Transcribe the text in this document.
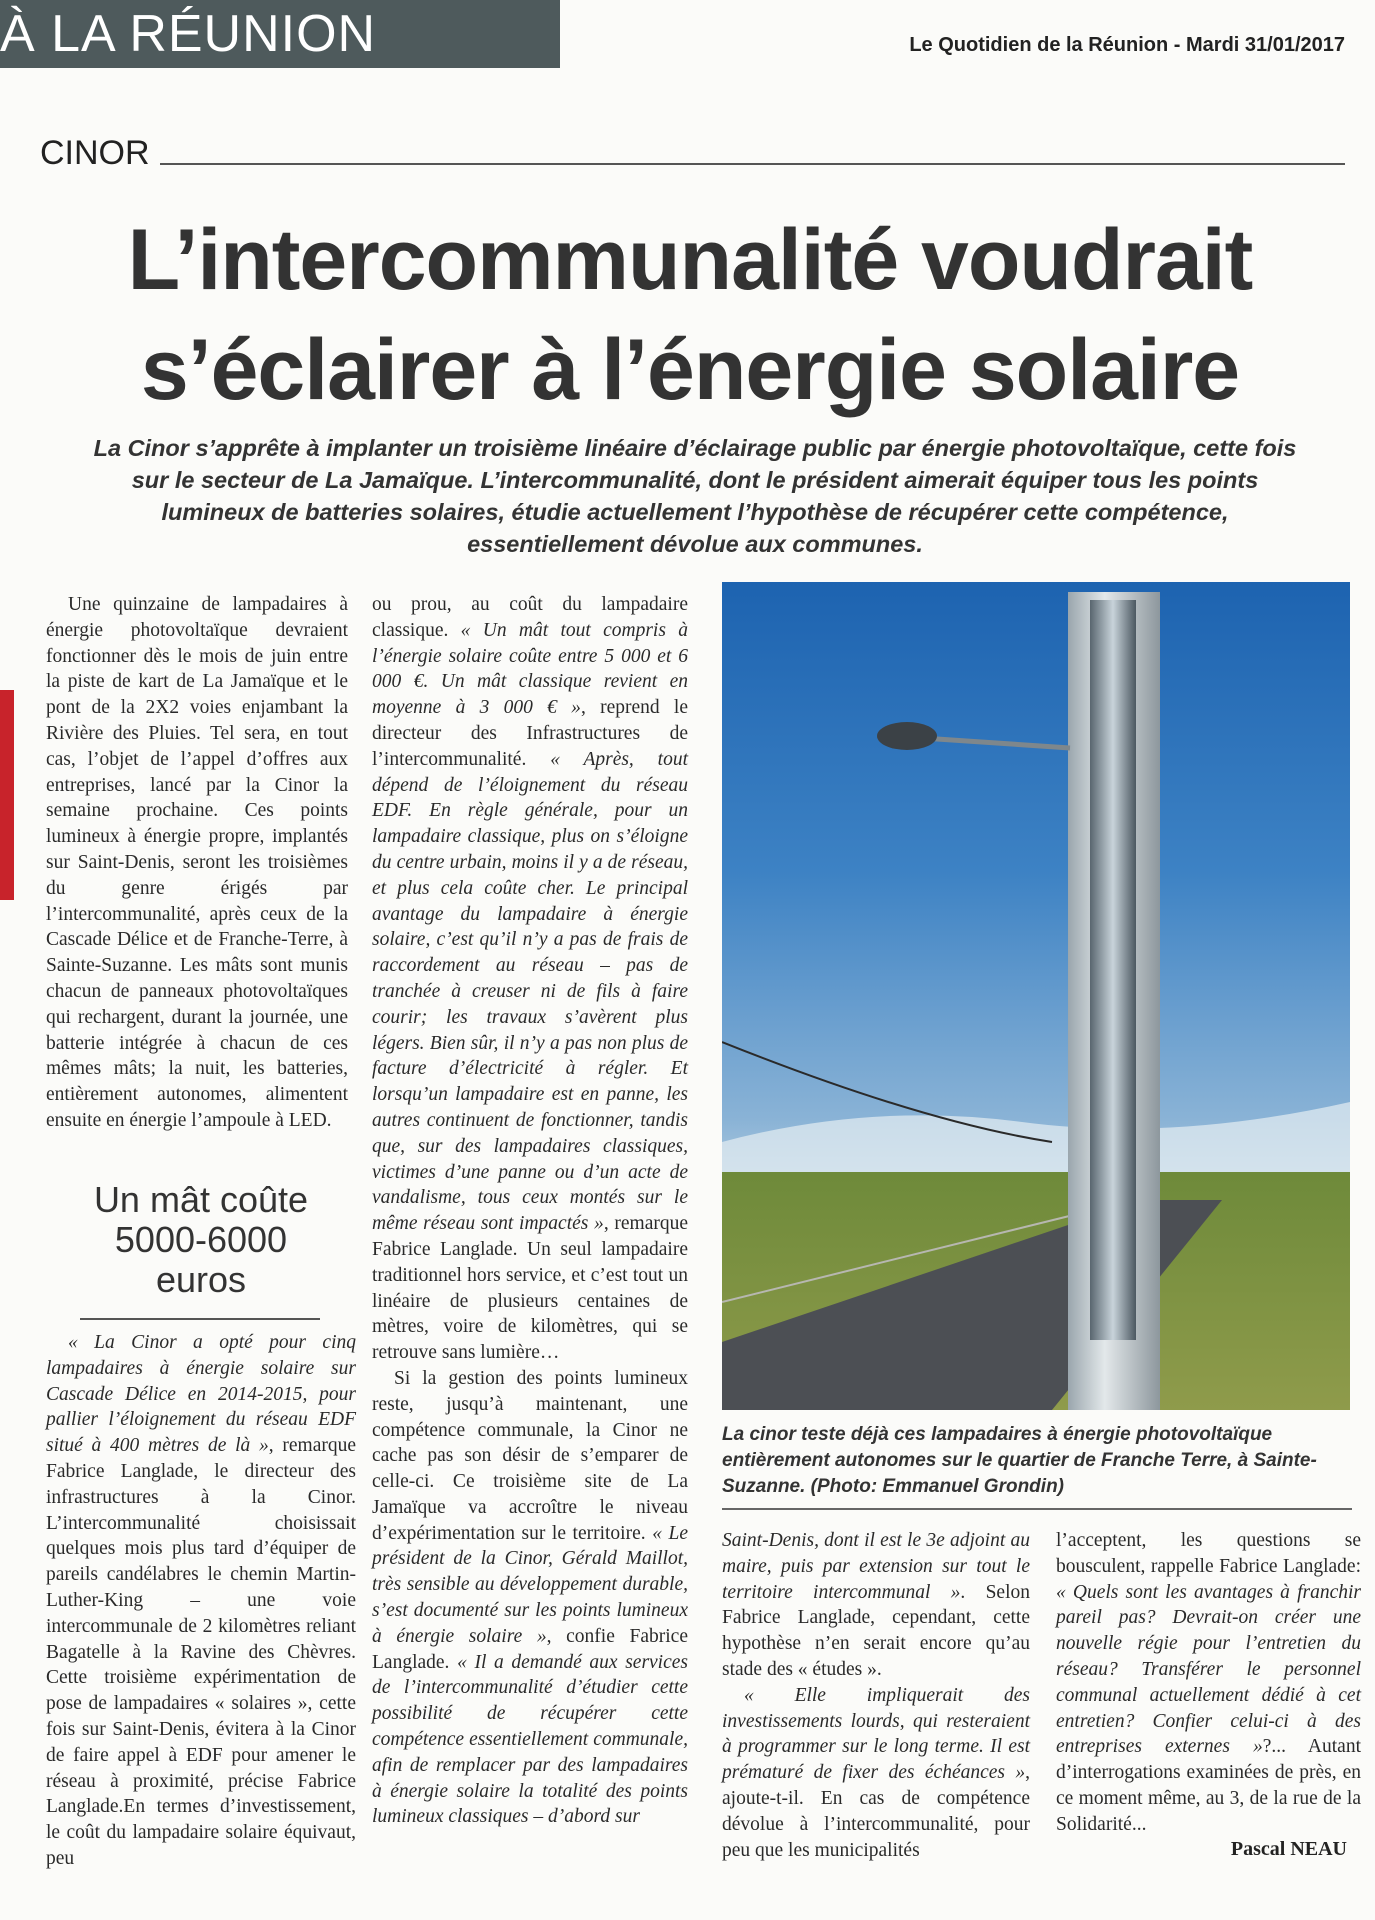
À LA RÉUNION	Le Quotidien de la Réunion - Mardi 31/01/2017
CINOR
L’intercommunalité voudrait
s’éclairer à l’énergie solaire
La Cinor s’apprête à implanter un troisième linéaire d’éclairage public par énergie photovoltaïque, cette fois sur le secteur de La Jamaïque. L’intercommunalité, dont le président aimerait équiper tous les points lumineux de batteries solaires, étudie actuellement l’hypothèse de récupérer cette compétence, essentiellement dévolue aux communes.

Une quinzaine de lampadaires à énergie photovoltaïque devraient fonctionner dès le mois de juin entre la piste de kart de La Jamaïque et le pont de la 2X2 voies enjambant la Rivière des Pluies. Tel sera, en tout cas, l’objet de l’appel d’offres aux entreprises, lancé par la Cinor la semaine prochaine. Ces points lumineux à énergie propre, implantés sur Saint-Denis, seront les troisièmes du genre érigés par l’intercommunalité, après ceux de la Cascade Délice et de Franche-Terre, à Sainte-Suzanne. Les mâts sont munis chacun de panneaux photovoltaïques qui rechargent, durant la journée, une batterie intégrée à chacun de ces mêmes mâts; la nuit, les batteries, entièrement autonomes, alimentent ensuite en énergie l’ampoule à LED.

Un mât coûte
5000-6000
euros

« La Cinor a opté pour cinq lampadaires à énergie solaire sur Cascade Délice en 2014-2015, pour pallier l’éloignement du réseau EDF situé à 400 mètres de là », remarque Fabrice Langlade, le directeur des infrastructures à la Cinor. L’intercommunalité choisissait quelques mois plus tard d’équiper de pareils candélabres le chemin Martin-Luther-King – une voie intercommunale de 2 kilomètres reliant Bagatelle à la Ravine des Chèvres. Cette troisième expérimentation de pose de lampadaires « solaires », cette fois sur Saint-Denis, évitera à la Cinor de faire appel à EDF pour amener le réseau à proximité, précise Fabrice Langlade.En termes d’investissement, le coût du lampadaire solaire équivaut, peu

ou prou, au coût du lampadaire classique. « Un mât tout compris à l’énergie solaire coûte entre 5 000 et 6 000 €. Un mât classique revient en moyenne à 3 000 € », reprend le directeur des Infrastructures de l’intercommunalité. « Après, tout dépend de l’éloignement du réseau EDF. En règle générale, pour un lampadaire classique, plus on s’éloigne du centre urbain, moins il y a de réseau, et plus cela coûte cher. Le principal avantage du lampadaire à énergie solaire, c’est qu’il n’y a pas de frais de raccordement au réseau – pas de tranchée à creuser ni de fils à faire courir; les travaux s’avèrent plus légers. Bien sûr, il n’y a pas non plus de facture d’électricité à régler. Et lorsqu’un lampadaire est en panne, les autres continuent de fonctionner, tandis que, sur des lampadaires classiques, victimes d’une panne ou d’un acte de vandalisme, tous ceux montés sur le même réseau sont impactés », remarque Fabrice Langlade. Un seul lampadaire traditionnel hors service, et c’est tout un linéaire de plusieurs centaines de mètres, voire de kilomètres, qui se retrouve sans lumière…

Si la gestion des points lumineux reste, jusqu’à maintenant, une compétence communale, la Cinor ne cache pas son désir de s’emparer de celle-ci. Ce troisième site de La Jamaïque va accroître le niveau d’expérimentation sur le territoire. « Le président de la Cinor, Gérald Maillot, très sensible au développement durable, s’est documenté sur les points lumineux à énergie solaire », confie Fabrice Langlade. « Il a demandé aux services de l’intercommunalité d’étudier cette possibilité de récupérer cette compétence essentiellement communale, afin de remplacer par des lampadaires à énergie solaire la totalité des points lumineux classiques – d’abord sur

La cinor teste déjà ces lampadaires à énergie photovoltaïque entièrement autonomes sur le quartier de Franche Terre, à Sainte-Suzanne. (Photo: Emmanuel Grondin)

Saint-Denis, dont il est le 3e adjoint au maire, puis par extension sur tout le territoire intercommunal ». Selon Fabrice Langlade, cependant, cette hypothèse n’en serait encore qu’au stade des « études ».

« Elle impliquerait des investissements lourds, qui resteraient à programmer sur le long terme. Il est prématuré de fixer des échéances », ajoute-t-il. En cas de compétence dévolue à l’intercommunalité, pour peu que les municipalités

l’acceptent, les questions se bousculent, rappelle Fabrice Langlade: « Quels sont les avantages à franchir pareil pas? Devrait-on créer une nouvelle régie pour l’entretien du réseau? Transférer le personnel communal actuellement dédié à cet entretien? Confier celui-ci à des entreprises externes »?... Autant d’interrogations examinées de près, en ce moment même, au 3, de la rue de la Solidarité...

Pascal NEAU
